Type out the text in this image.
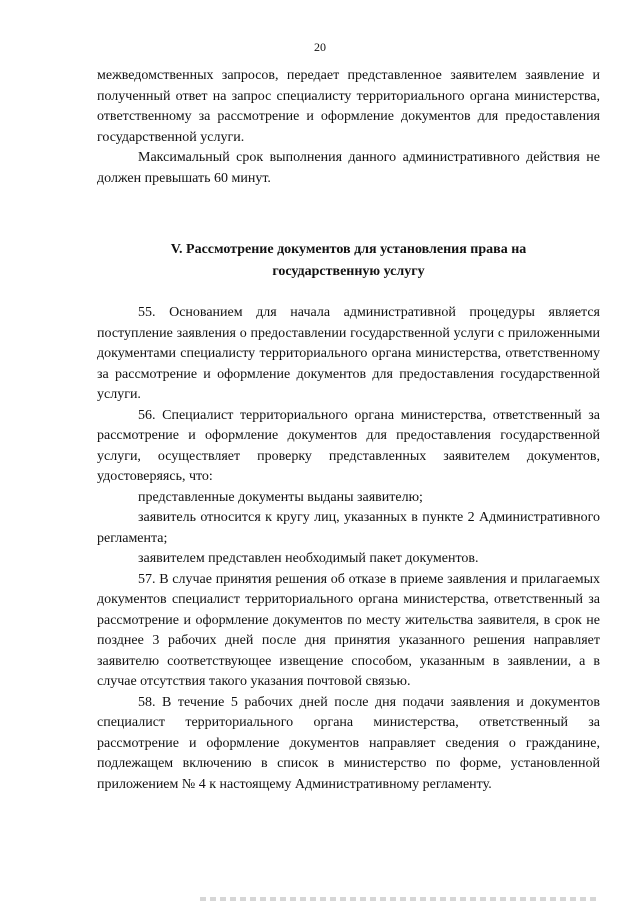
20

межведомственных запросов, передает представленное заявителем заявление и полученный ответ на запрос специалисту территориального органа министерства, ответственному за рассмотрение и оформление документов для предоставления государственной услуги.

Максимальный срок выполнения данного административного действия не должен превышать 60 минут.

V. Рассмотрение документов для установления права на государственную услугу

55. Основанием для начала административной процедуры является поступление заявления о предоставлении государственной услуги с приложенными документами специалисту территориального органа министерства, ответственному за рассмотрение и оформление документов для предоставления государственной услуги.

56. Специалист территориального органа министерства, ответственный за рассмотрение и оформление документов для предоставления государственной услуги, осуществляет проверку представленных заявителем документов, удостоверяясь, что:

представленные документы выданы заявителю;

заявитель относится к кругу лиц, указанных в пункте 2 Административного регламента;

заявителем представлен необходимый пакет документов.

57. В случае принятия решения об отказе в приеме заявления и прилагаемых документов специалист территориального органа министерства, ответственный за рассмотрение и оформление документов по месту жительства заявителя, в срок не позднее 3 рабочих дней после дня принятия указанного решения направляет заявителю соответствующее извещение способом, указанным в заявлении, а в случае отсутствия такого указания почтовой связью.

58. В течение 5 рабочих дней после дня подачи заявления и документов специалист территориального органа министерства, ответственный за рассмотрение и оформление документов направляет сведения о гражданине, подлежащем включению в список в министерство по форме, установленной приложением № 4 к настоящему Административному регламенту.
